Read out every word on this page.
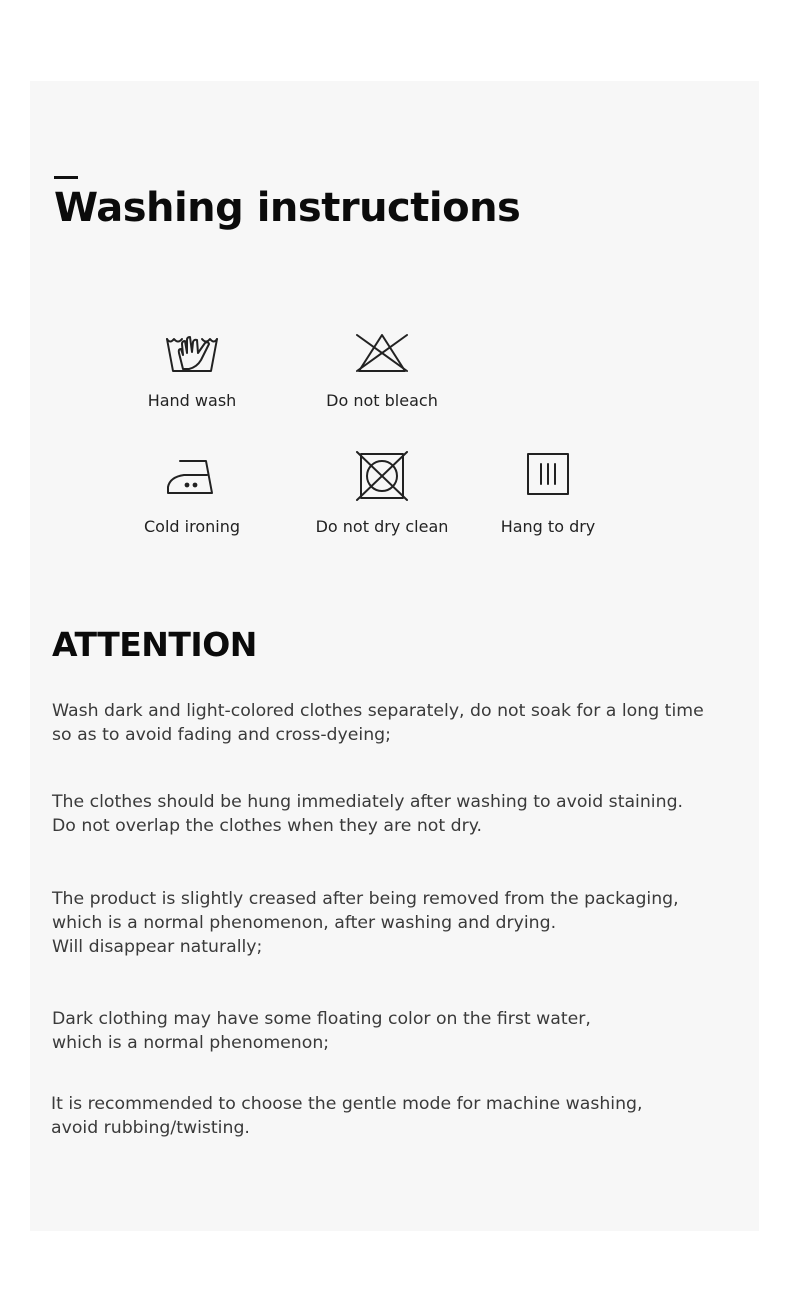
Washing instructions
Hand wash	Do not bleach
Cold ironing	Do not dry clean	Hang to dry
ATTENTION

Wash dark and light-colored clothes separately, do not soak for a long time
so as to avoid fading and cross-dyeing;

The clothes should be hung immediately after washing to avoid staining.
Do not overlap the clothes when they are not dry.

The product is slightly creased after being removed from the packaging,
which is a normal phenomenon, after washing and drying.
Will disappear naturally;

Dark clothing may have some floating color on the first water,
which is a normal phenomenon;

It is recommended to choose the gentle mode for machine washing,
avoid rubbing/twisting.
